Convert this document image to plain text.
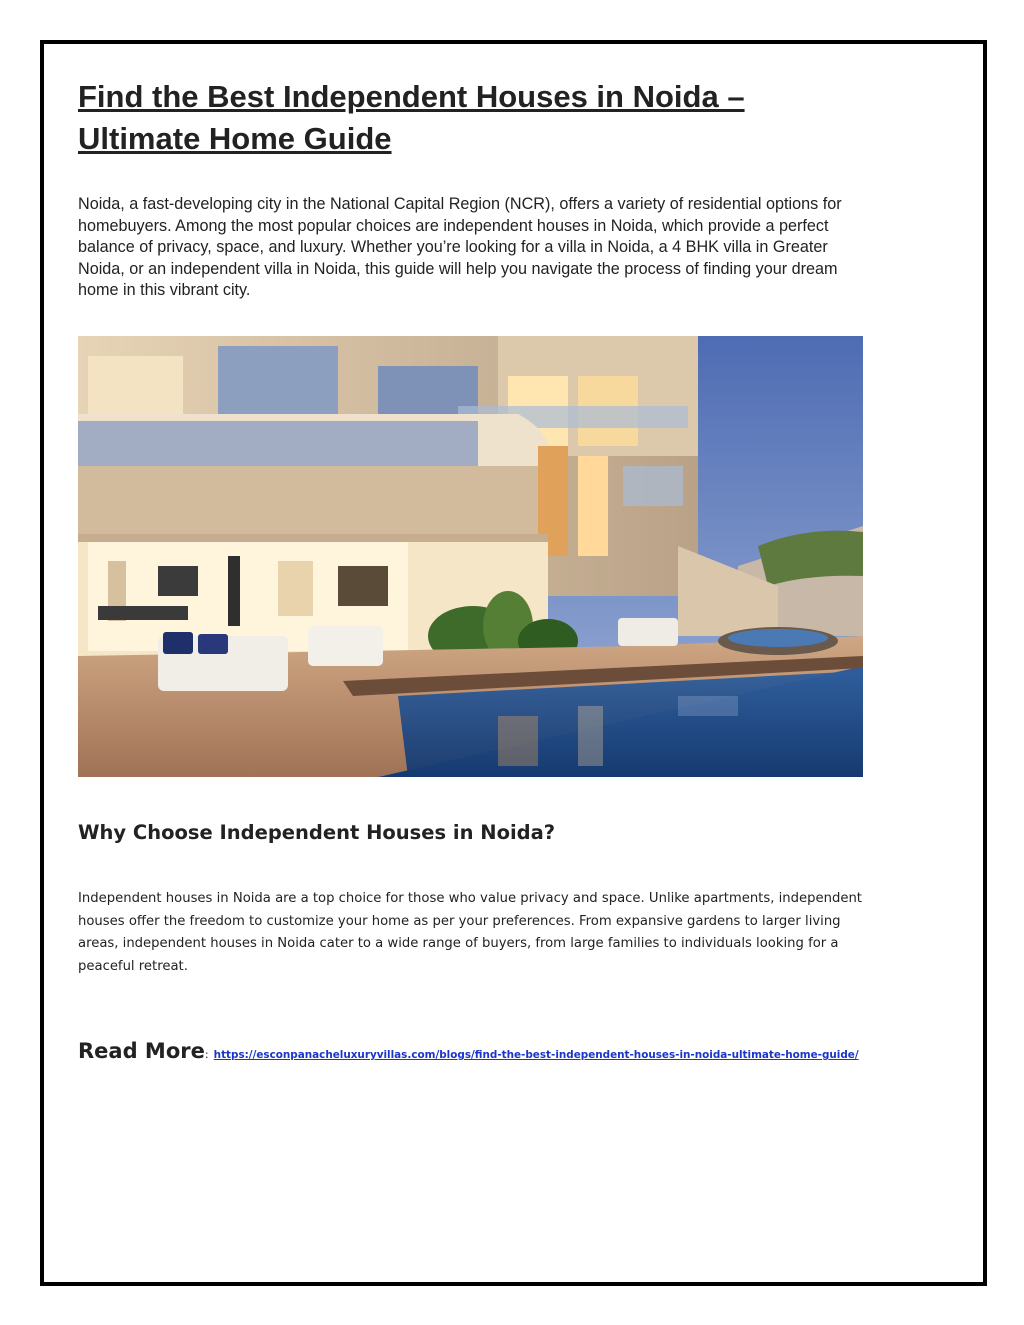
Find the Best Independent Houses in Noida – Ultimate Home Guide

Noida, a fast-developing city in the National Capital Region (NCR), offers a variety of residential options for homebuyers. Among the most popular choices are independent houses in Noida, which provide a perfect balance of privacy, space, and luxury. Whether you’re looking for a villa in Noida, a 4 BHK villa in Greater Noida, or an independent villa in Noida, this guide will help you navigate the process of finding your dream home in this vibrant city.

Why Choose Independent Houses in Noida?

Independent houses in Noida are a top choice for those who value privacy and space. Unlike apartments, independent houses offer the freedom to customize your home as per your preferences. From expansive gardens to larger living areas, independent houses in Noida cater to a wide range of buyers, from large families to individuals looking for a peaceful retreat.

Read More: https://esconpanacheluxuryvillas.com/blogs/find-the-best-independent-houses-in-noida-ultimate-home-guide/
